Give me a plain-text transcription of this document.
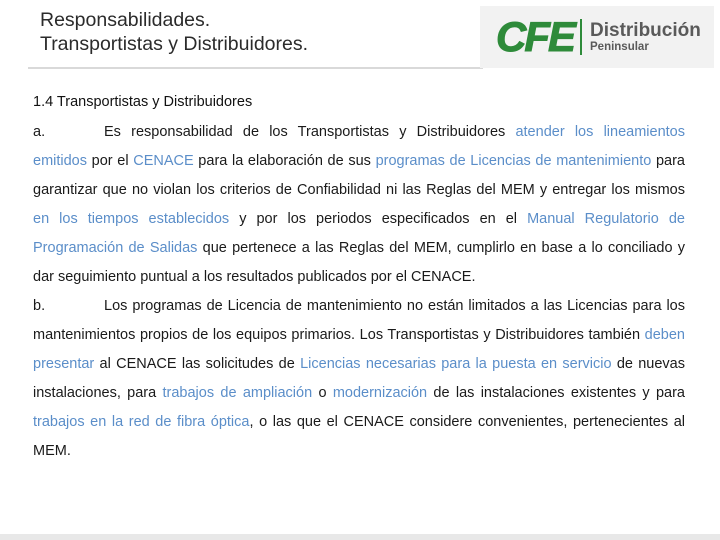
Responsabilidades.
Transportistas y Distribuidores.	CFE Distribución
Peninsular
1.4 Transportistas y Distribuidores
a.	Es responsabilidad de los Transportistas y Distribuidores atender los lineamientos emitidos por el CENACE para la elaboración de sus programas de Licencias de mantenimiento para garantizar que no violan los criterios de Confiabilidad ni las Reglas del MEM y entregar los mismos en los tiempos establecidos y por los periodos especificados en el Manual Regulatorio de Programación de Salidas que pertenece a las Reglas del MEM, cumplirlo en base a lo conciliado y dar seguimiento puntual a los resultados publicados por el CENACE.
b.	Los programas de Licencia de mantenimiento no están limitados a las Licencias para los mantenimientos propios de los equipos primarios. Los Transportistas y Distribuidores también deben presentar al CENACE las solicitudes de Licencias necesarias para la puesta en servicio de nuevas instalaciones, para trabajos de ampliación o modernización de las instalaciones existentes y para trabajos en la red de fibra óptica, o las que el CENACE considere convenientes, pertenecientes al MEM.
